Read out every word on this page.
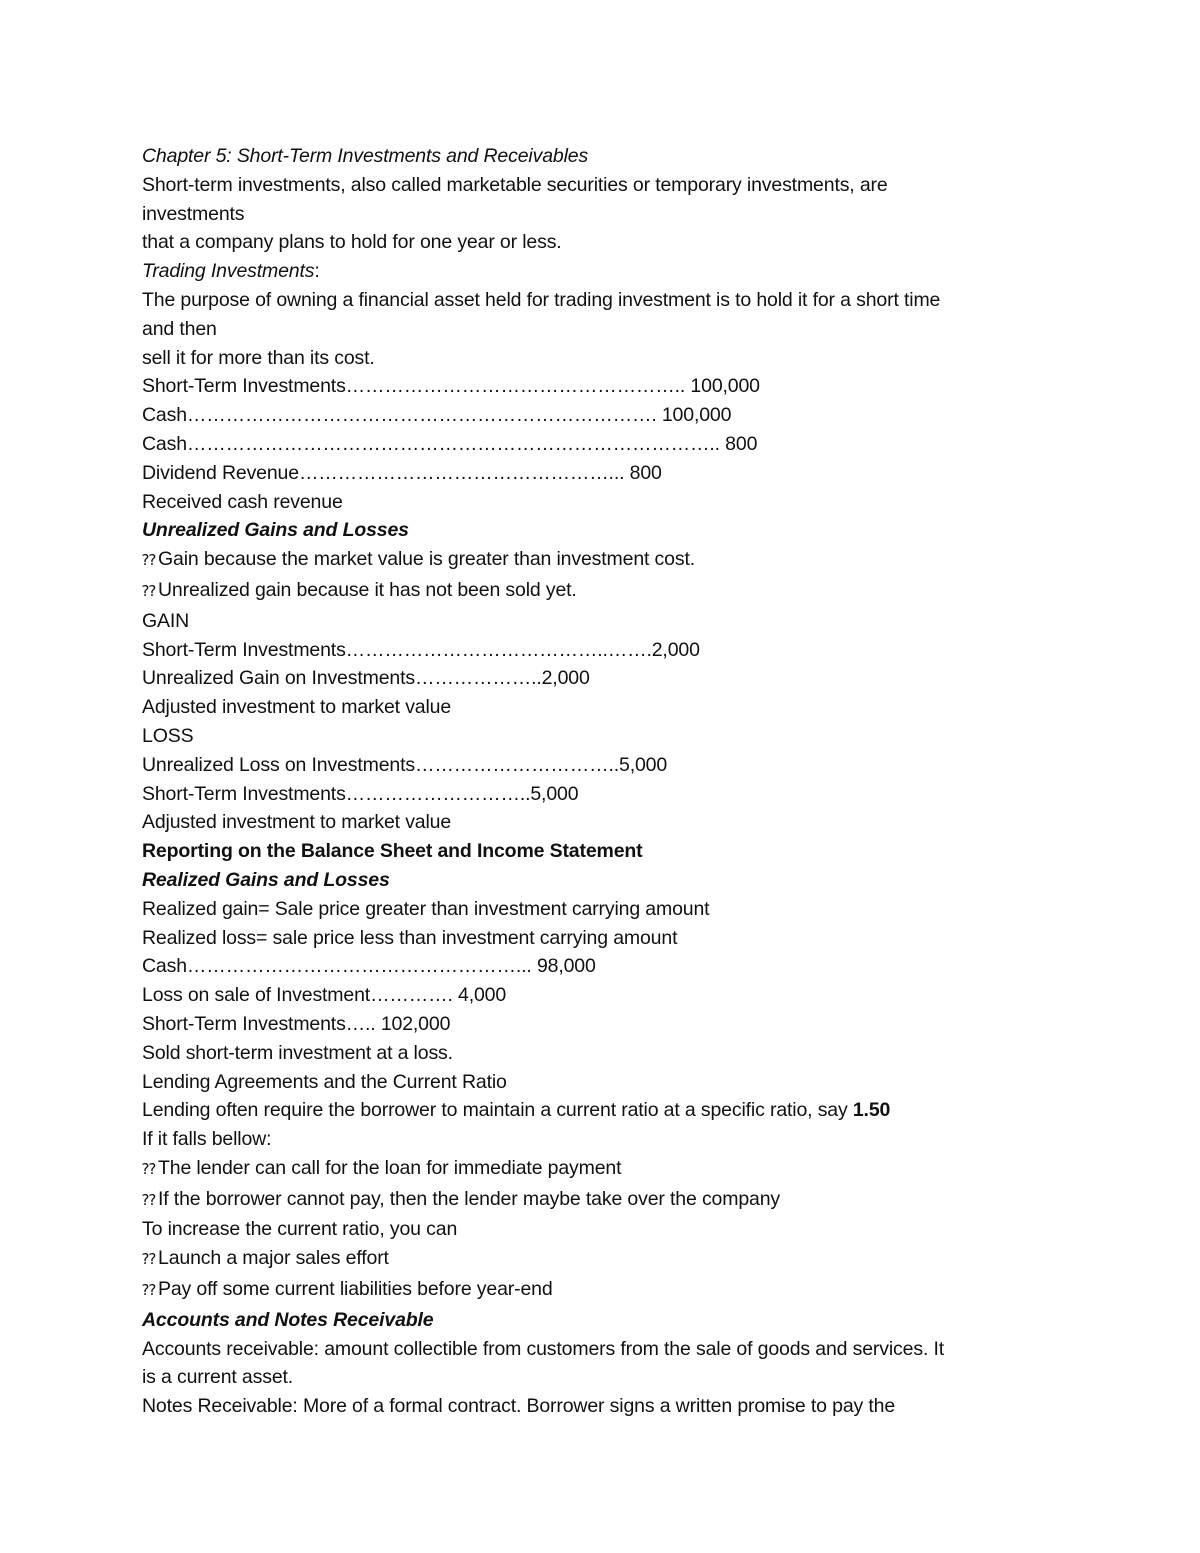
Chapter 5: Short-Term Investments and Receivables
Short-term investments, also called marketable securities or temporary investments, are
investments
that a company plans to hold for one year or less.
Trading Investments:
The purpose of owning a financial asset held for trading investment is to hold it for a short time
and then
sell it for more than its cost.
Short-Term Investments…………………………………………….. 100,000
Cash………………………………………………………………. 100,000
Cash……………………………………………………………………….. 800
Dividend Revenue…………………………………………... 800
Received cash revenue
Unrealized Gains and Losses
⁇ Gain because the market value is greater than investment cost.
⁇ Unrealized gain because it has not been sold yet.
GAIN
Short-Term Investments…………………………………..…….2,000
Unrealized Gain on Investments………………..2,000
Adjusted investment to market value
LOSS
Unrealized Loss on Investments…………………………..5,000
Short-Term Investments………………………..5,000
Adjusted investment to market value
Reporting on the Balance Sheet and Income Statement
Realized Gains and Losses
Realized gain= Sale price greater than investment carrying amount
Realized loss= sale price less than investment carrying amount
Cash……………………………………………... 98,000
Loss on sale of Investment…………. 4,000
Short-Term Investments….. 102,000
Sold short-term investment at a loss.
Lending Agreements and the Current Ratio
Lending often require the borrower to maintain a current ratio at a specific ratio, say 1.50
If it falls bellow:
⁇ The lender can call for the loan for immediate payment
⁇ If the borrower cannot pay, then the lender maybe take over the company
To increase the current ratio, you can
⁇ Launch a major sales effort
⁇ Pay off some current liabilities before year-end
Accounts and Notes Receivable
Accounts receivable: amount collectible from customers from the sale of goods and services. It
is a current asset.
Notes Receivable: More of a formal contract. Borrower signs a written promise to pay the
